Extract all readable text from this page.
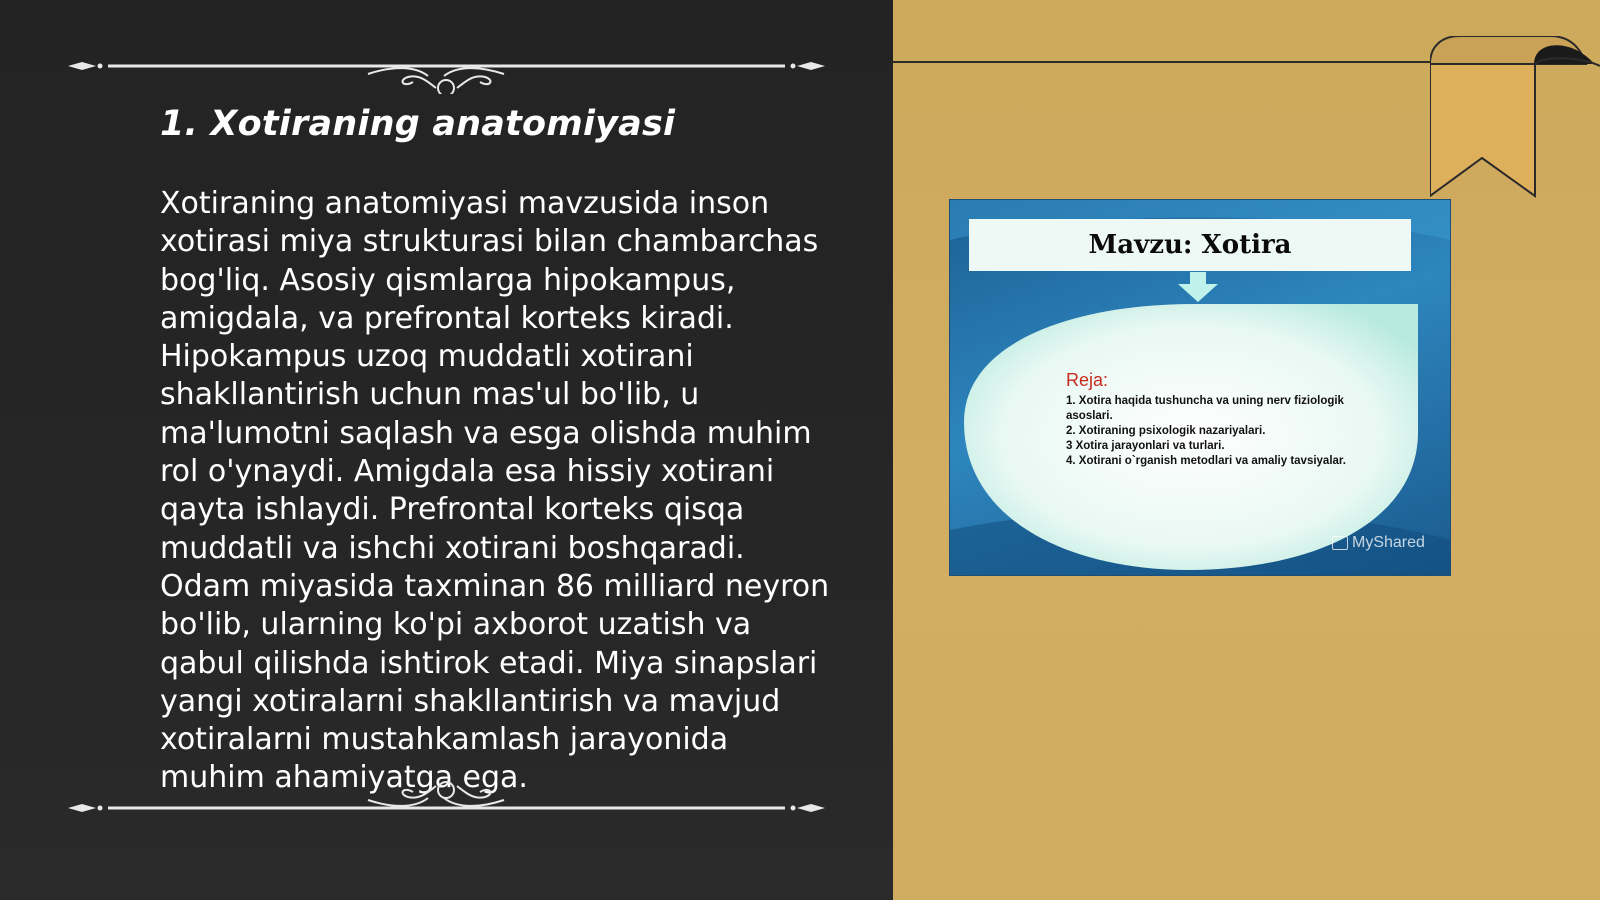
1. Xotiraning anatomiyasi

Xotiraning anatomiyasi mavzusida inson xotirasi miya strukturasi bilan chambarchas bog'liq. Asosiy qismlarga hipokampus, amigdala, va prefrontal korteks kiradi. Hipokampus uzoq muddatli xotirani shakllantirish uchun mas'ul bo'lib, u ma'lumotni saqlash va esga olishda muhim rol o'ynaydi. Amigdala esa hissiy xotirani qayta ishlaydi. Prefrontal korteks qisqa muddatli va ishchi xotirani boshqaradi. Odam miyasida taxminan 86 milliard neyron bo'lib, ularning ko'pi axborot uzatish va qabul qilishda ishtirok etadi. Miya sinapslari yangi xotiralarni shakllantirish va mavjud xotiralarni mustahkamlash jarayonida muhim ahamiyatga ega.

Mavzu: Xotira
Reja:
1. Xotira haqida tushuncha va uning nerv fiziologik asoslari.
2. Xotiraning psixologik nazariyalari.
3 Xotira jarayonlari va turlari.
4. Xotirani o`rganish metodlari va amaliy tavsiyalar.
MyShared
